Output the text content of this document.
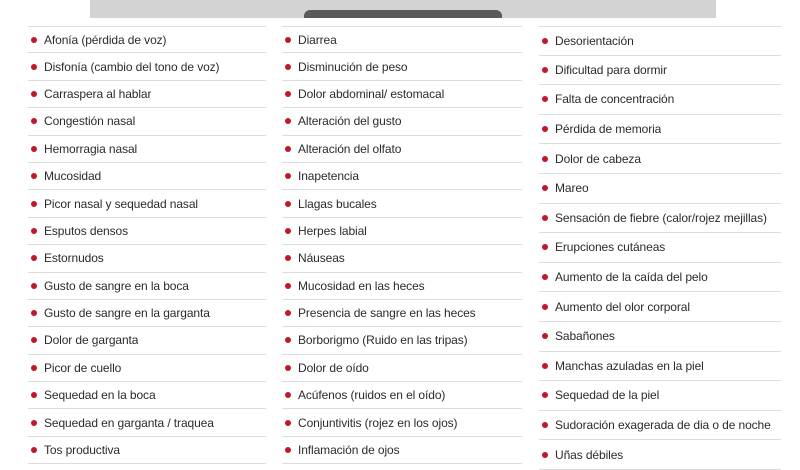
Afonía (pérdida de voz)
Disfonía (cambio del tono de voz)
Carraspera al hablar
Congestión nasal
Hemorragia nasal
Mucosidad
Picor nasal y sequedad nasal
Esputos densos
Estornudos
Gusto de sangre en la boca
Gusto de sangre en la garganta
Dolor de garganta
Picor de cuello
Sequedad en la boca
Sequedad en garganta / traquea
Tos productiva
Diarrea
Disminución de peso
Dolor abdominal/ estomacal
Alteración del gusto
Alteración del olfato
Inapetencia
Llagas bucales
Herpes labial
Náuseas
Mucosidad en las heces
Presencia de sangre en las heces
Borborigmo (Ruido en las tripas)
Dolor de oído
Acúfenos (ruidos en el oído)
Conjuntivitis (rojez en los ojos)
Inflamación de ojos
Desorientación
Dificultad para dormir
Falta de concentración
Pérdida de memoria
Dolor de cabeza
Mareo
Sensación de fiebre (calor/rojez mejillas)
Erupciones cutáneas
Aumento de la caída del pelo
Aumento del olor corporal
Sabañones
Manchas azuladas en la piel
Sequedad de la piel
Sudoración exagerada de dia o de noche
Uñas débiles
